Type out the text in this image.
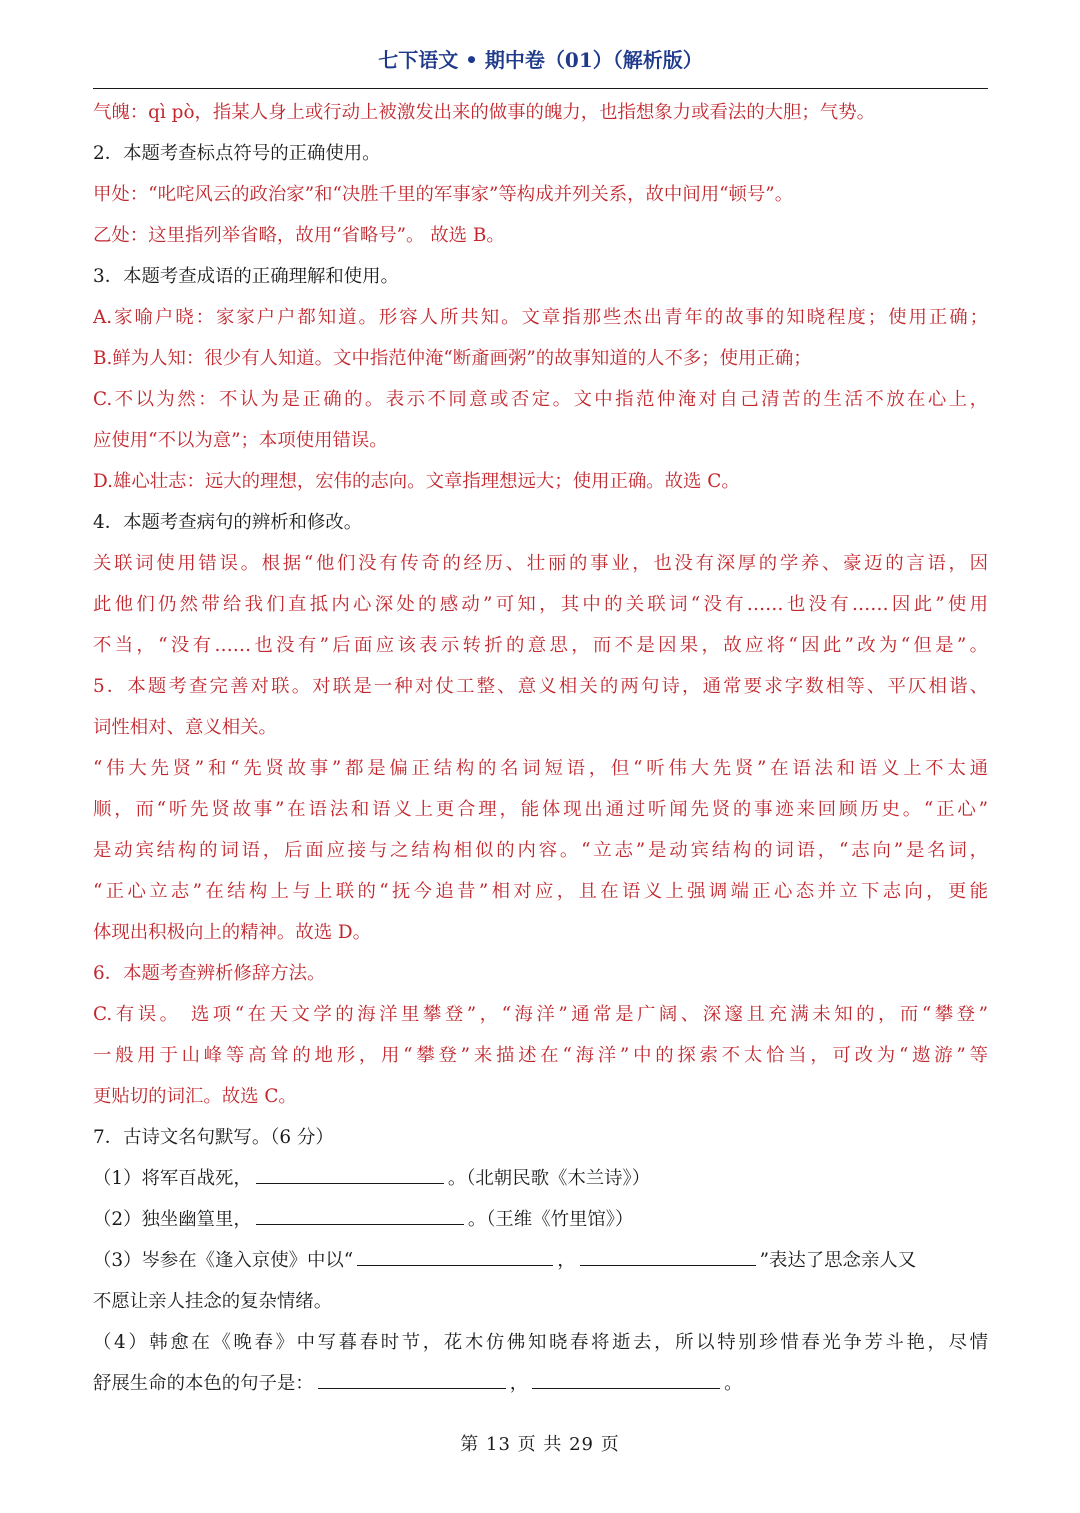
七下语文 • 期中卷（01）（解析版）
气魄：qì pò，指某人身上或行动上被激发出来的做事的魄力，也指想象力或看法的大胆；气势。
2．本题考查标点符号的正确使用。
甲处：“叱咤风云的政治家”和“决胜千里的军事家”等构成并列关系，故中间用“顿号”。
乙处：这里指列举省略，故用“省略号”。 故选 B。
3．本题考查成语的正确理解和使用。
A.家喻户晓：家家户户都知道。形容人所共知。文章指那些杰出青年的故事的知晓程度；使用正确；
B.鲜为人知：很少有人知道。文中指范仲淹“断齑画粥”的故事知道的人不多；使用正确；
C.不以为然：不认为是正确的。表示不同意或否定。文中指范仲淹对自己清苦的生活不放在心上，
应使用“不以为意”；本项使用错误。
D.雄心壮志：远大的理想，宏伟的志向。文章指理想远大；使用正确。故选 C。
4．本题考查病句的辨析和修改。
关联词使用错误。根据“他们没有传奇的经历、壮丽的事业，也没有深厚的学养、豪迈的言语，因
此他们仍然带给我们直抵内心深处的感动”可知，其中的关联词“没有……也没有……因此”使用
不当，“没有……也没有”后面应该表示转折的意思，而不是因果，故应将“因此”改为“但是”。
5．本题考查完善对联。对联是一种对仗工整、意义相关的两句诗，通常要求字数相等、平仄相谐、
词性相对、意义相关。
“伟大先贤”和“先贤故事”都是偏正结构的名词短语，但“听伟大先贤”在语法和语义上不太通
顺，而“听先贤故事”在语法和语义上更合理，能体现出通过听闻先贤的事迹来回顾历史。“正心”
是动宾结构的词语，后面应接与之结构相似的内容。“立志”是动宾结构的词语，“志向”是名词，
“正心立志”在结构上与上联的“抚今追昔”相对应，且在语义上强调端正心态并立下志向，更能
体现出积极向上的精神。故选 D。
6．本题考查辨析修辞方法。
C.有误。 选项“在天文学的海洋里攀登”，“海洋”通常是广阔、深邃且充满未知的，而“攀登”
一般用于山峰等高耸的地形，用“攀登”来描述在“海洋”中的探索不太恰当，可改为“遨游”等
更贴切的词汇。故选 C。
7．古诗文名句默写。（6 分）
（1）将军百战死，	。（北朝民歌《木兰诗》）
（2）独坐幽篁里，	。（王维《竹里馆》）
（3）岑参在《逢入京使》中以“	，	”表达了思念亲人又
不愿让亲人挂念的复杂情绪。
（4）韩愈在《晚春》中写暮春时节，花木仿佛知晓春将逝去，所以特别珍惜春光争芳斗艳，尽情
舒展生命的本色的句子是：	，	。
第 13 页 共 29 页
